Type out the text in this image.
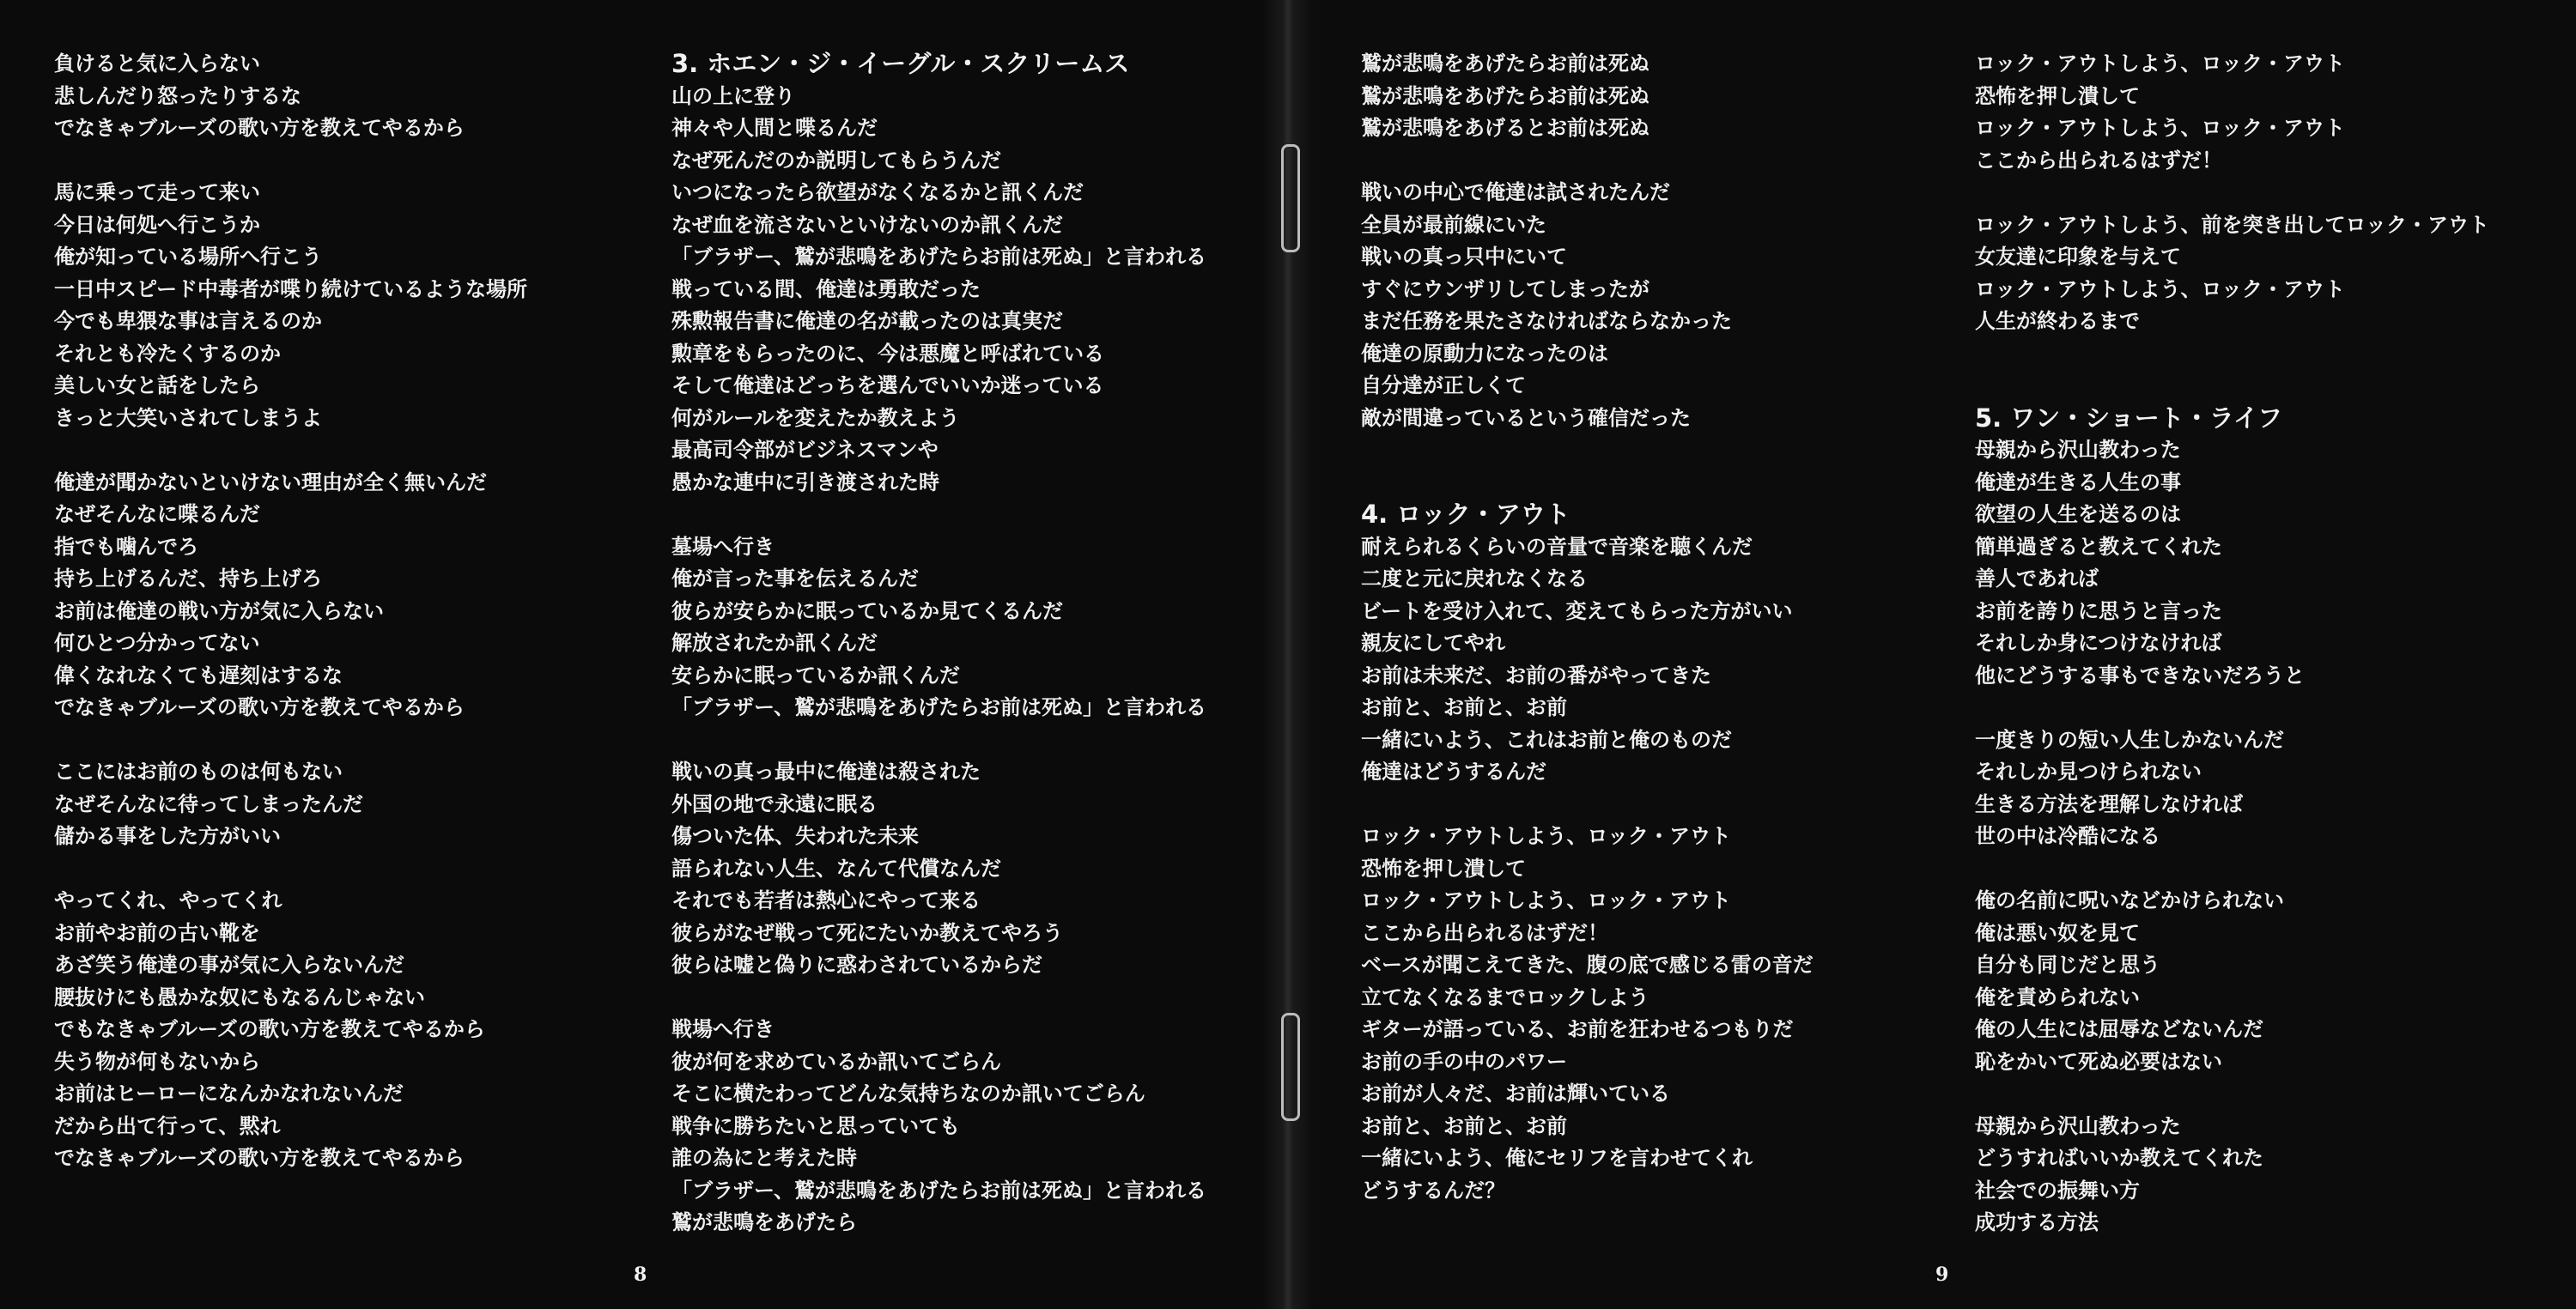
負けると気に入らない
悲しんだり怒ったりするな
でなきゃブルーズの歌い方を教えてやるから
馬に乗って走って来い
今日は何処へ行こうか
俺が知っている場所へ行こう
一日中スピード中毒者が喋り続けているような場所
今でも卑猥な事は言えるのか
それとも冷たくするのか
美しい女と話をしたら
きっと大笑いされてしまうよ
俺達が聞かないといけない理由が全く無いんだ
なぜそんなに喋るんだ
指でも噛んでろ
持ち上げるんだ、持ち上げろ
お前は俺達の戦い方が気に入らない
何ひとつ分かってない
偉くなれなくても遅刻はするな
でなきゃブルーズの歌い方を教えてやるから
ここにはお前のものは何もない
なぜそんなに待ってしまったんだ
儲かる事をした方がいい
やってくれ、やってくれ
お前やお前の古い靴を
あざ笑う俺達の事が気に入らないんだ
腰抜けにも愚かな奴にもなるんじゃない
でもなきゃブルーズの歌い方を教えてやるから
失う物が何もないから
お前はヒーローになんかなれないんだ
だから出て行って、黙れ
でなきゃブルーズの歌い方を教えてやるから
3. ホエン・ジ・イーグル・スクリームス
山の上に登り
神々や人間と喋るんだ
なぜ死んだのか説明してもらうんだ
いつになったら欲望がなくなるかと訊くんだ
なぜ血を流さないといけないのか訊くんだ
「ブラザー、鷲が悲鳴をあげたらお前は死ぬ」と言われる
戦っている間、俺達は勇敢だった
殊勲報告書に俺達の名が載ったのは真実だ
勲章をもらったのに、今は悪魔と呼ばれている
そして俺達はどっちを選んでいいか迷っている
何がルールを変えたか教えよう
最高司令部がビジネスマンや
愚かな連中に引き渡された時
墓場へ行き
俺が言った事を伝えるんだ
彼らが安らかに眠っているか見てくるんだ
解放されたか訊くんだ
安らかに眠っているか訊くんだ
「ブラザー、鷲が悲鳴をあげたらお前は死ぬ」と言われる
戦いの真っ最中に俺達は殺された
外国の地で永遠に眠る
傷ついた体、失われた未来
語られない人生、なんて代償なんだ
それでも若者は熱心にやって来る
彼らがなぜ戦って死にたいか教えてやろう
彼らは嘘と偽りに惑わされているからだ
戦場へ行き
彼が何を求めているか訊いてごらん
そこに横たわってどんな気持ちなのか訊いてごらん
戦争に勝ちたいと思っていても
誰の為にと考えた時
「ブラザー、鷲が悲鳴をあげたらお前は死ぬ」と言われる
鷲が悲鳴をあげたら
鷲が悲鳴をあげたらお前は死ぬ
鷲が悲鳴をあげたらお前は死ぬ
鷲が悲鳴をあげるとお前は死ぬ
戦いの中心で俺達は試されたんだ
全員が最前線にいた
戦いの真っ只中にいて
すぐにウンザリしてしまったが
まだ任務を果たさなければならなかった
俺達の原動力になったのは
自分達が正しくて
敵が間違っているという確信だった
4. ロック・アウト
耐えられるくらいの音量で音楽を聴くんだ
二度と元に戻れなくなる
ビートを受け入れて、変えてもらった方がいい
親友にしてやれ
お前は未来だ、お前の番がやってきた
お前と、お前と、お前
一緒にいよう、これはお前と俺のものだ
俺達はどうするんだ
ロック・アウトしよう、ロック・アウト
恐怖を押し潰して
ロック・アウトしよう、ロック・アウト
ここから出られるはずだ！
ベースが聞こえてきた、腹の底で感じる雷の音だ
立てなくなるまでロックしよう
ギターが語っている、お前を狂わせるつもりだ
お前の手の中のパワー
お前が人々だ、お前は輝いている
お前と、お前と、お前
一緒にいよう、俺にセリフを言わせてくれ
どうするんだ？
ロック・アウトしよう、ロック・アウト
恐怖を押し潰して
ロック・アウトしよう、ロック・アウト
ここから出られるはずだ！
ロック・アウトしよう、前を突き出してロック・アウト
女友達に印象を与えて
ロック・アウトしよう、ロック・アウト
人生が終わるまで
5. ワン・ショート・ライフ
母親から沢山教わった
俺達が生きる人生の事
欲望の人生を送るのは
簡単過ぎると教えてくれた
善人であれば
お前を誇りに思うと言った
それしか身につけなければ
他にどうする事もできないだろうと
一度きりの短い人生しかないんだ
それしか見つけられない
生きる方法を理解しなければ
世の中は冷酷になる
俺の名前に呪いなどかけられない
俺は悪い奴を見て
自分も同じだと思う
俺を責められない
俺の人生には屈辱などないんだ
恥をかいて死ぬ必要はない
母親から沢山教わった
どうすればいいか教えてくれた
社会での振舞い方
成功する方法
8	9
